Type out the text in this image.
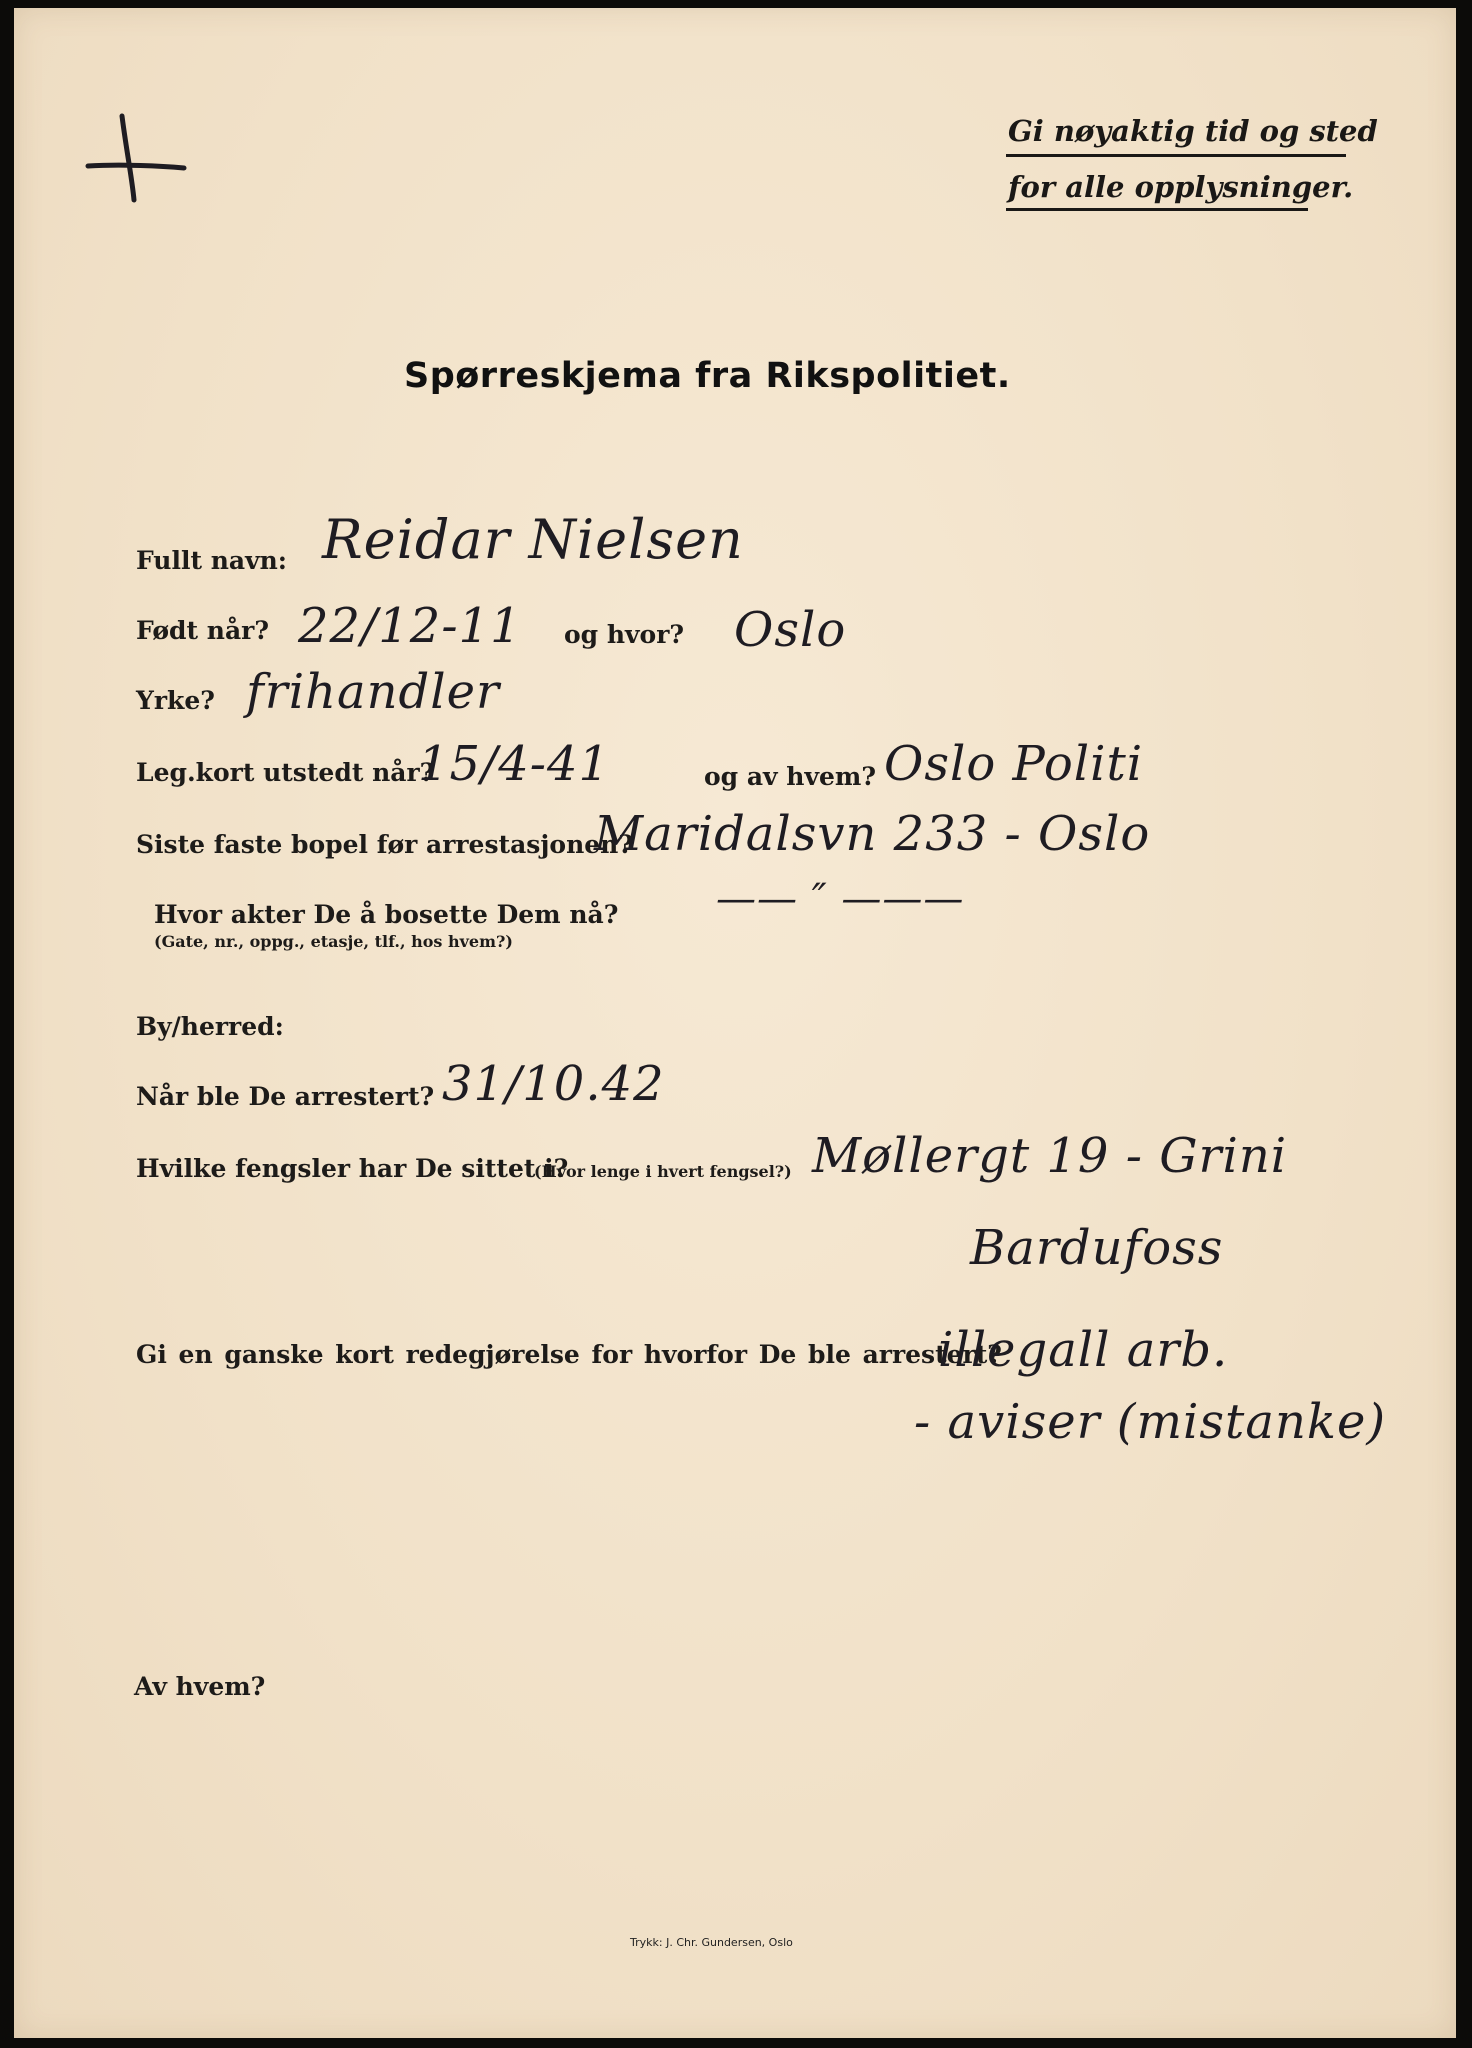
Gi nøyaktig tid og sted
for alle opplysninger.
Spørreskjema fra Rikspolitiet.
Fullt navn: Reidar Nielsen
Født når? 22/12-11 og hvor? Oslo
Yrke? frihandler
Leg.kort utstedt når?
15/4-41	og av hvem? Oslo Politi
Siste faste bopel før arrestasjonen?
Maridalsvn 233 - Oslo
Hvor akter De å bosette Dem nå?
(Gate, nr., oppg., etasje, tlf., hos hvem?)
—— ″ ———
By/herred:
Når ble De arrestert? 31/10.42
Hvilke fengsler har De sittet i?
(Hvor lenge i hvert fengsel?) Møllergt 19 - Grini
Bardufoss
Gi en ganske kort redegjørelse for hvorfor De ble arrestert?
illegall arb.
- aviser (mistanke)
Av hvem?
Trykk: J. Chr. Gundersen, Oslo
